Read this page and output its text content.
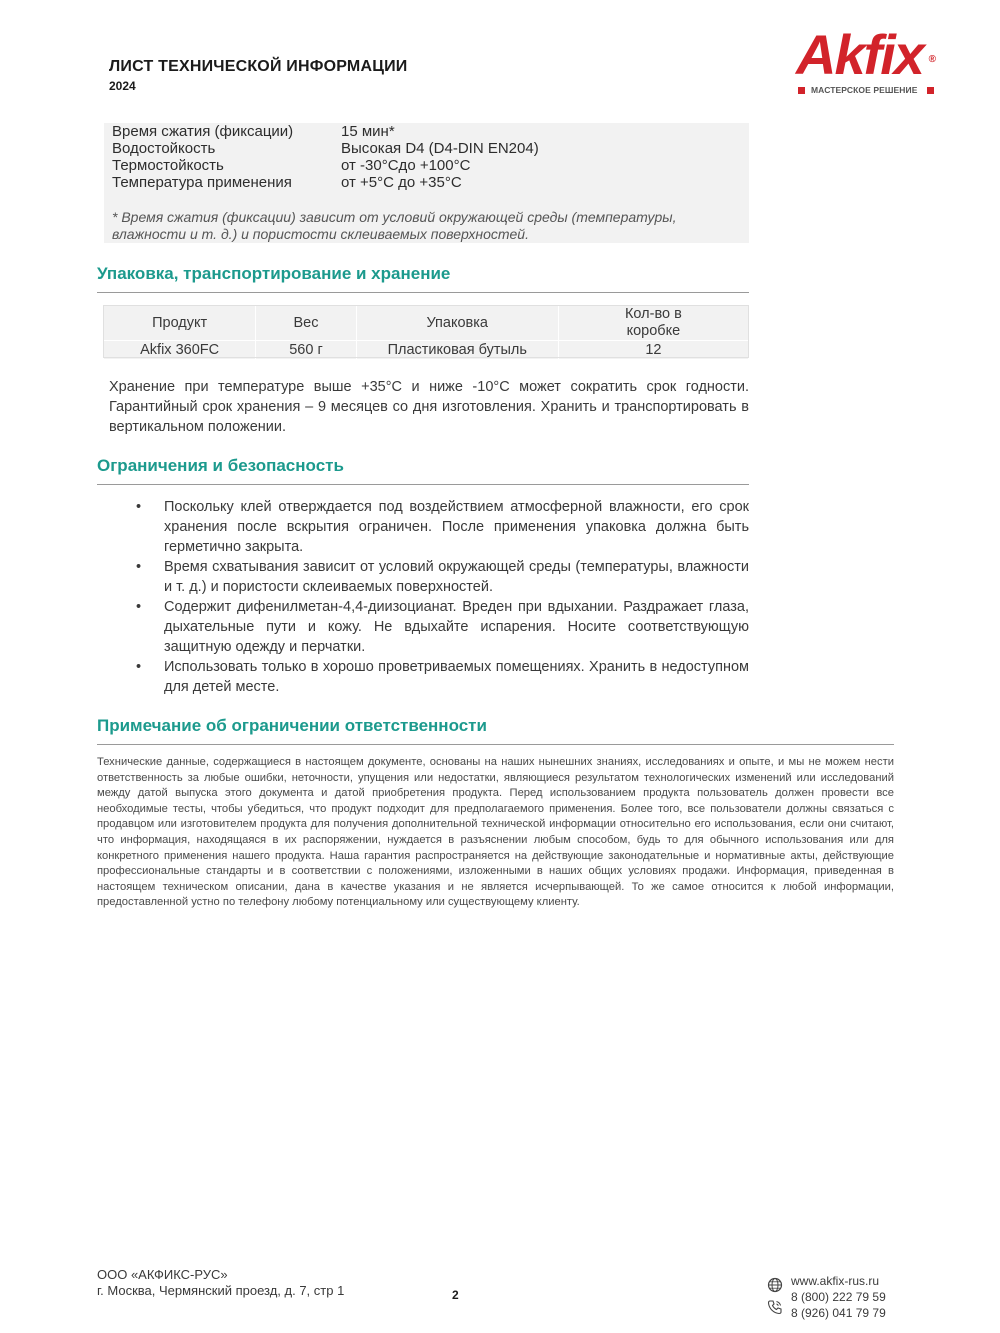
ЛИСТ ТЕХНИЧЕСКОЙ ИНФОРМАЦИИ
2024	Akfix ®
МАСТЕРСКОЕ РЕШЕНИЕ
Время сжатия (фиксации)	15 мин*
Водостойкость	Высокая D4 (D4-DIN EN204)
Термостойкость	от -30°Сдо +100°С
Температура применения	от +5°С до +35°С
* Время сжатия (фиксации) зависит от условий окружающей среды (температуры, влажности и т. д.) и пористости склеиваемых поверхностей.
Упаковка, транспортирование и хранение
Продукт	Вес	Упаковка	Кол-во в коробке
Akfix 360FC	560 г	Пластиковая бутыль	12
Хранение при температуре выше +35°С и ниже -10°С может сократить срок годности. Гарантийный срок хранения – 9 месяцев со дня изготовления. Хранить и транспортировать в вертикальном положении.
Ограничения и безопасность
• Поскольку клей отверждается под воздействием атмосферной влажности, его срок хранения после вскрытия ограничен. После применения упаковка должна быть герметично закрыта.
• Время схватывания зависит от условий окружающей среды (температуры, влажности и т. д.) и пористости склеиваемых поверхностей.
• Содержит дифенилметан-4,4-диизоцианат. Вреден при вдыхании. Раздражает глаза, дыхательные пути и кожу. Не вдыхайте испарения. Носите соответствующую защитную одежду и перчатки.
• Использовать только в хорошо проветриваемых помещениях. Хранить в недоступном для детей месте.
Примечание об ограничении ответственности
Технические данные, содержащиеся в настоящем документе, основаны на наших нынешних знаниях, исследованиях и опыте, и мы не можем нести ответственность за любые ошибки, неточности, упущения или недостатки, являющиеся результатом технологических изменений или исследований между датой выпуска этого документа и датой приобретения продукта. Перед использованием продукта пользователь должен провести все необходимые тесты, чтобы убедиться, что продукт подходит для предполагаемого применения. Более того, все пользователи должны связаться с продавцом или изготовителем продукта для получения дополнительной технической информации относительно его использования, если они считают, что информация, находящаяся в их распоряжении, нуждается в разъяснении любым способом, будь то для обычного использования или для конкретного применения нашего продукта. Наша гарантия распространяется на действующие законодательные и нормативные акты, действующие профессиональные стандарты и в соответствии с положениями, изложенными в наших общих условиях продажи. Информация, приведенная в настоящем техническом описании, дана в качестве указания и не является исчерпывающей. То же самое относится к любой информации, предоставленной устно по телефону любому потенциальному или существующему клиенту.
ООО «АКФИКС-РУС»
г. Москва, Чермянский проезд, д. 7, стр 1	2
www.akfix-rus.ru
8 (800) 222 79 59
8 (926) 041 79 79
